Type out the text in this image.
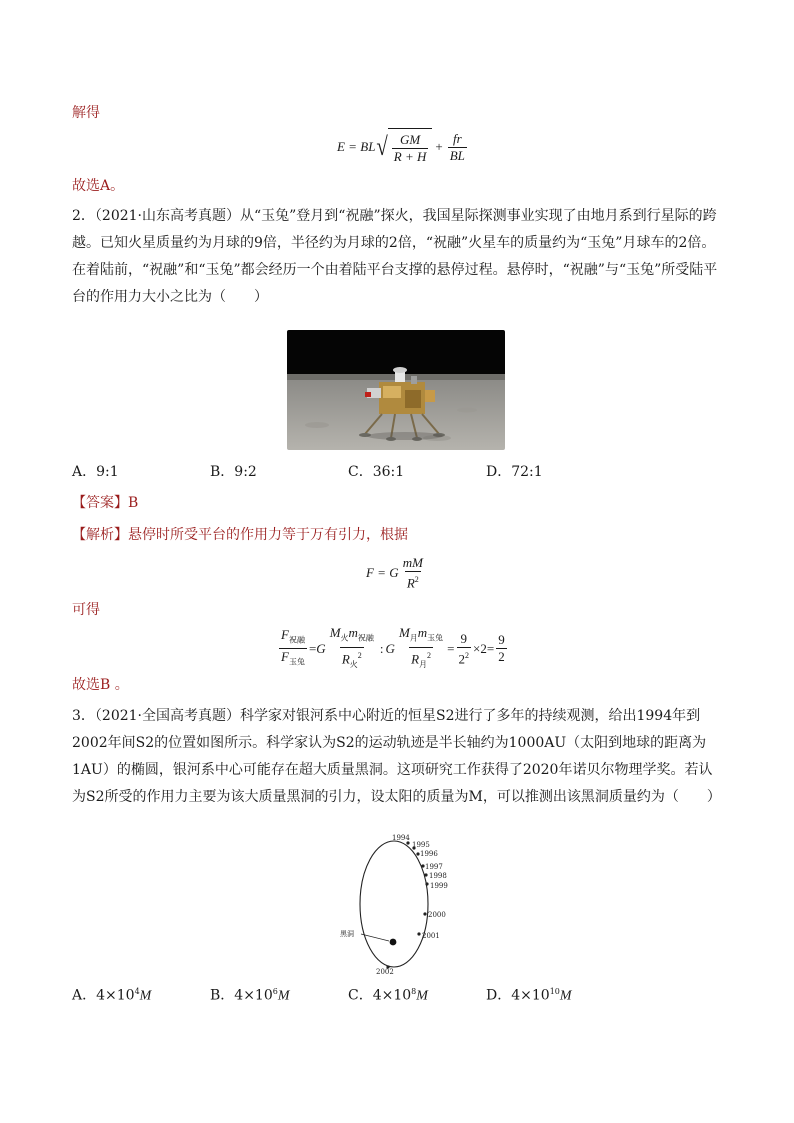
解得
E = BL √ $\frac{GM}{R + H} + \frac{fr}{BL}$
故选A。

2．（2021·山东高考真题）从“玉兔”登月到“祝融”探火，我国星际探测事业实现了由地月系到行星际的跨越。已知火星质量约为月球的9倍，半径约为月球的2倍，“祝融”火星车的质量约为“玉兔”月球车的2倍。在着陆前，“祝融”和“玉兔”都会经历一个由着陆平台支撑的悬停过程。悬停时，“祝融”与“玉兔”所受陆平台的作用力大小之比为（　　）

A．9:1	B．9:2	C．36:1	D．72:1
【答案】B
【解析】悬停时所受平台的作用力等于万有引力，根据
F = G $\frac{mM}{R^2}$
可得
$\frac{F_{祝融}}{F_{玉兔}} = G \frac{M_火m_{祝融}}{R_火^2}$ : G $\frac{M_月m_{玉兔}}{R_月^2} = \frac{9}{2^2} \times 2 = \frac{9}{2}$
故选B 。

3．（2021·全国高考真题）科学家对银河系中心附近的恒星S2进行了多年的持续观测，给出1994年到2002年间S2的位置如图所示。科学家认为S2的运动轨迹是半长轴约为1000AU（太阳到地球的距离为1AU）的椭圆，银河系中心可能存在超大质量黑洞。这项研究工作获得了2020年诺贝尔物理学奖。若认为S2所受的作用力主要为该大质量黑洞的引力，设太阳的质量为M，可以推测出该黑洞质量约为（　　）

1994
1995
1996
1997
1998
1999
2000
2001
2002
黑洞
A．$4\times 10^4M$	B．$4\times 10^6M$	C．$4\times 10^8M$	D．$4\times 10^{10}M$
